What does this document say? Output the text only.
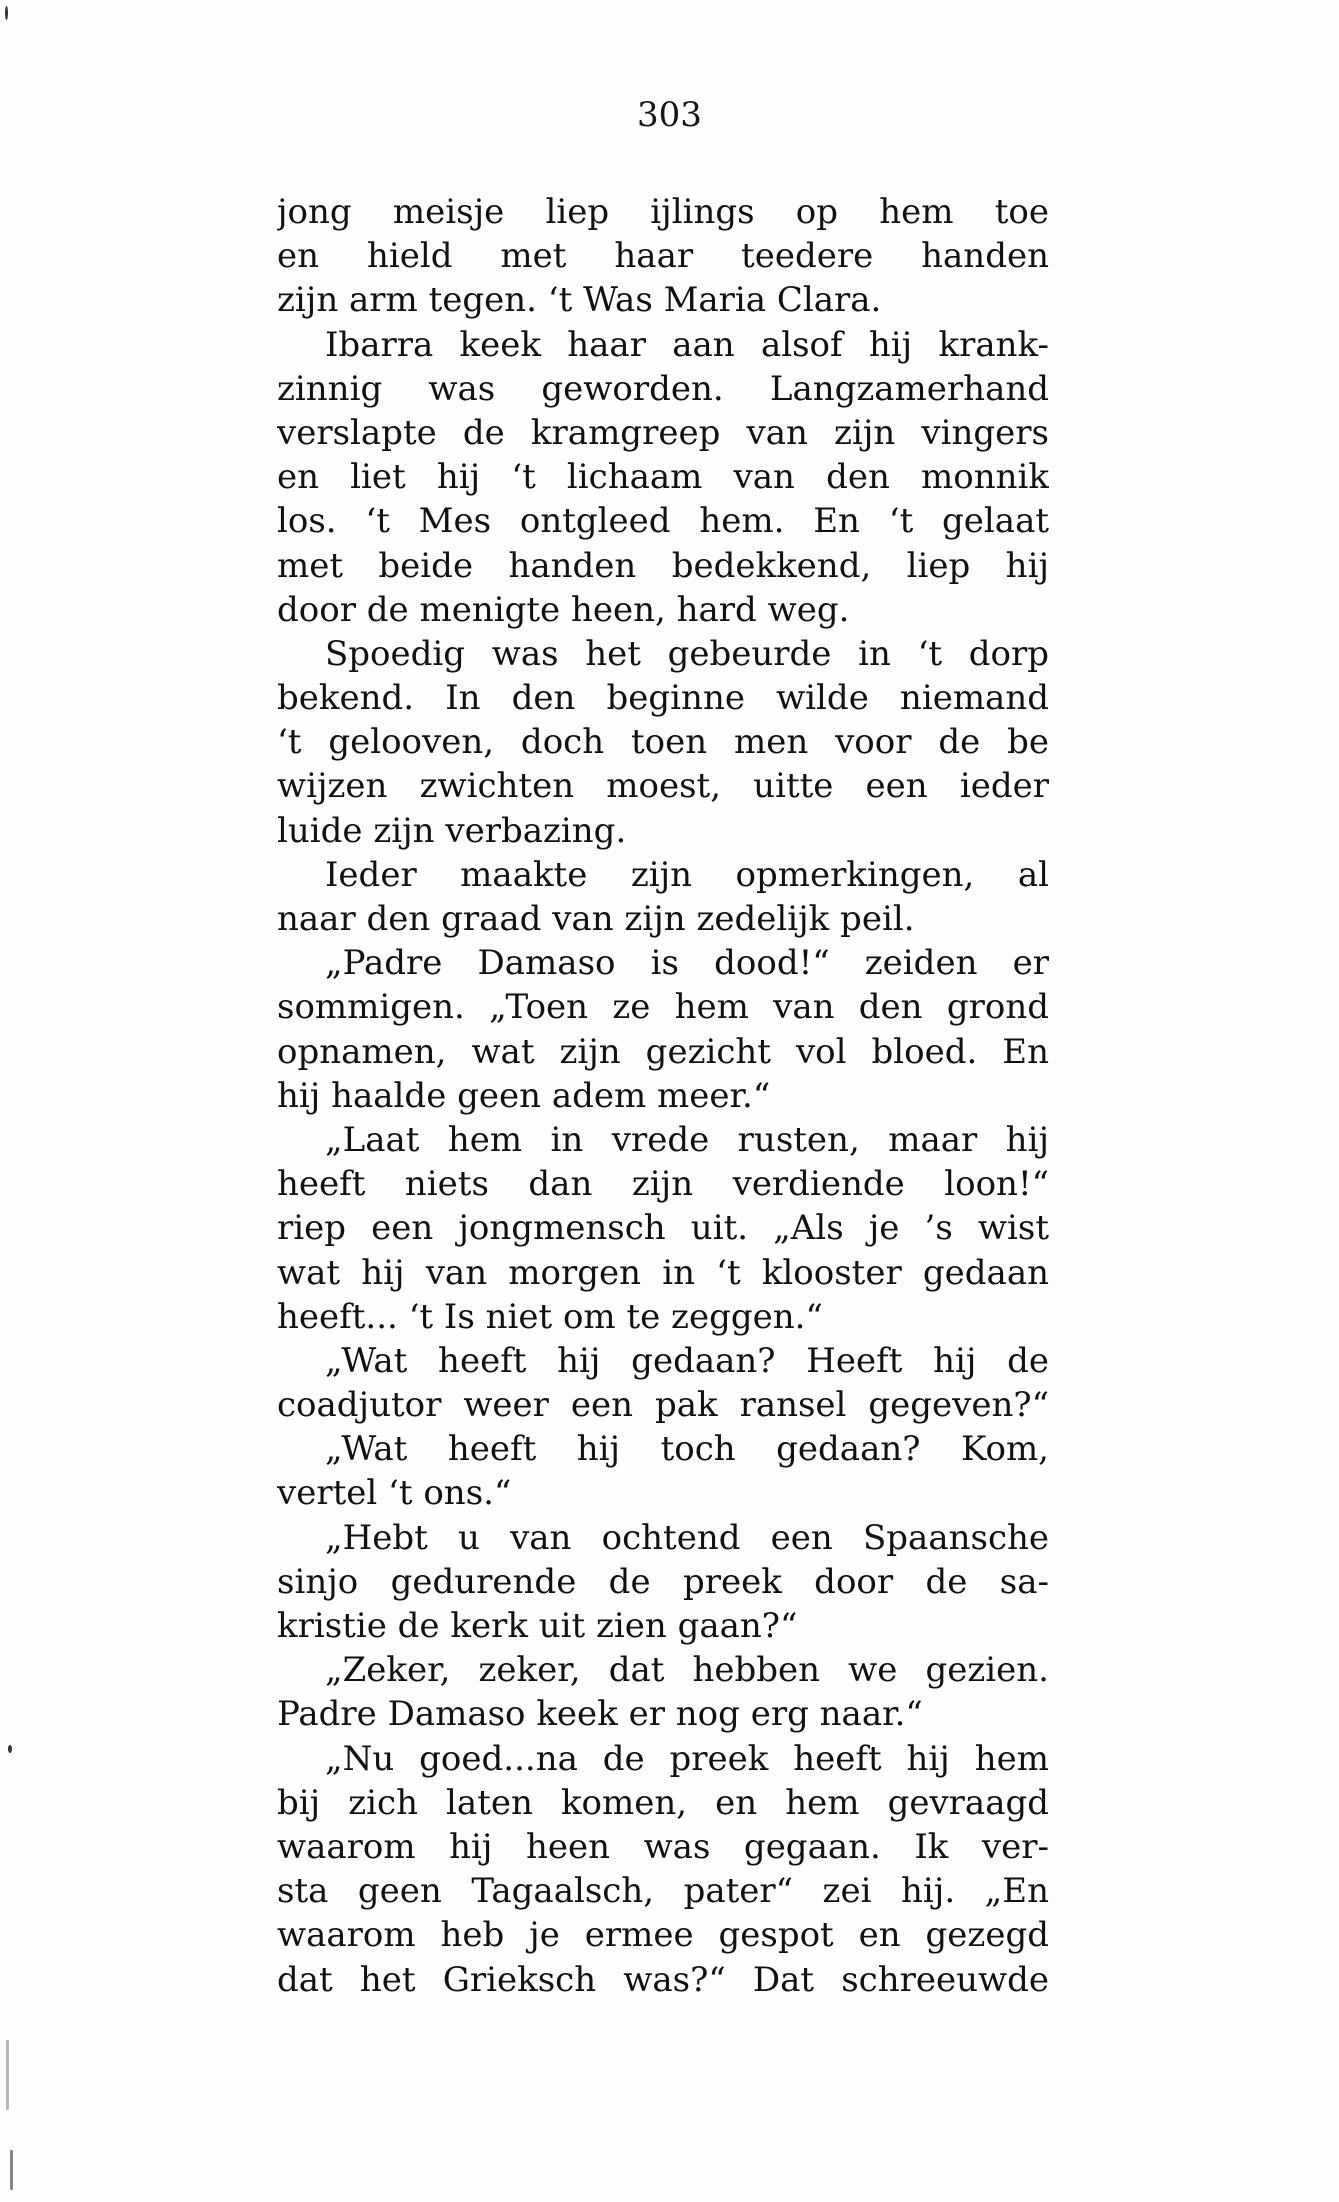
303
jong meisje liep ijlings op hem toe
en hield met haar teedere handen
zijn arm tegen. ‘t Was Maria Clara.
Ibarra keek haar aan alsof hij krank-
zinnig was geworden. Langzamerhand
verslapte de kramgreep van zijn vingers
en liet hij ‘t lichaam van den monnik
los. ‘t Mes ontgleed hem. En ‘t gelaat
met beide handen bedekkend, liep hij
door de menigte heen, hard weg.
Spoedig was het gebeurde in ‘t dorp
bekend. In den beginne wilde niemand
‘t gelooven, doch toen men voor de be
wijzen zwichten moest, uitte een ieder
luide zijn verbazing.
Ieder maakte zijn opmerkingen, al
naar den graad van zijn zedelijk peil.
„Padre Damaso is dood!“ zeiden er
sommigen. „Toen ze hem van den grond
opnamen, wat zijn gezicht vol bloed. En
hij haalde geen adem meer.“
„Laat hem in vrede rusten, maar hij
heeft niets dan zijn verdiende loon!“
riep een jongmensch uit. „Als je ’s wist
wat hij van morgen in ‘t klooster gedaan
heeft... ‘t Is niet om te zeggen.“
„Wat heeft hij gedaan? Heeft hij de
coadjutor weer een pak ransel gegeven?“
„Wat heeft hij toch gedaan? Kom,
vertel ‘t ons.“
„Hebt u van ochtend een Spaansche
sinjo gedurende de preek door de sa-
kristie de kerk uit zien gaan?“
„Zeker, zeker, dat hebben we gezien.
Padre Damaso keek er nog erg naar.“
„Nu goed...na de preek heeft hij hem
bij zich laten komen, en hem gevraagd
waarom hij heen was gegaan. Ik ver-
sta geen Tagaalsch, pater“ zei hij. „En
waarom heb je ermee gespot en gezegd
dat het Grieksch was?“ Dat schreeuwde
